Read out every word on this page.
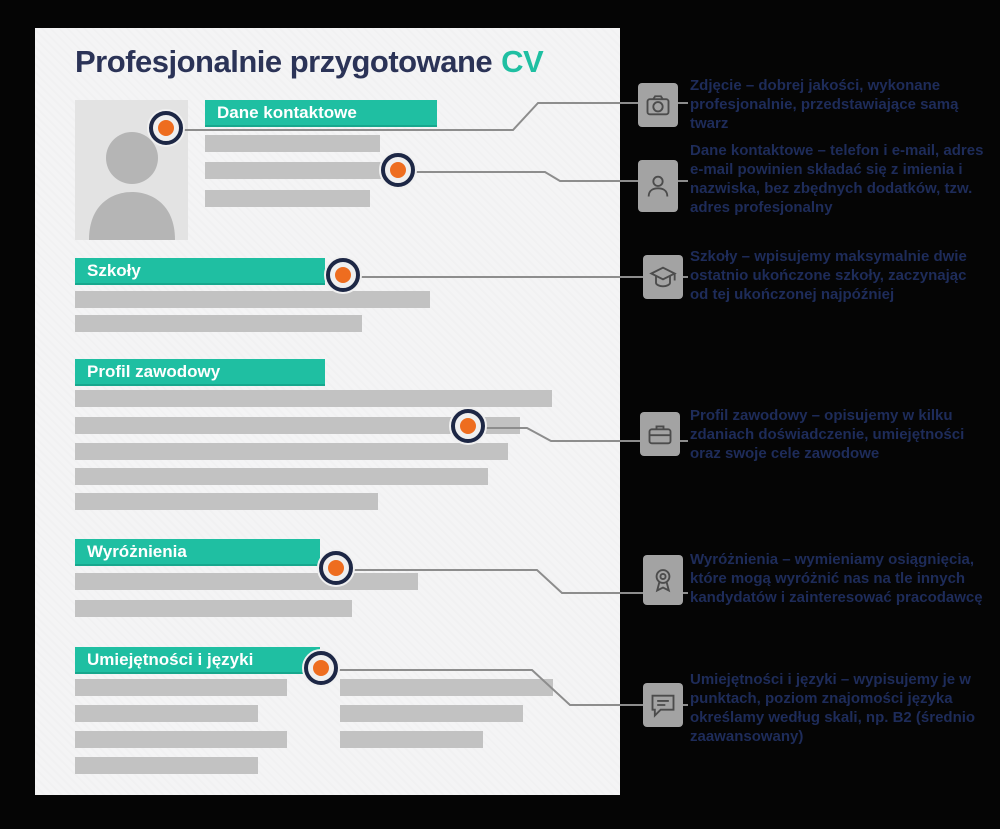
Profesjonalnie przygotowane CV
Dane kontaktowe
Szkoły
Profil zawodowy
Wyróżnienia
Umiejętności i języki
Zdjęcie – dobrej jakości, wykonane profesjonalnie, przedstawiające samą twarz
Dane kontaktowe – telefon i e-mail, adres e-mail powinien składać się z imienia i nazwiska, bez zbędnych dodatków, tzw. adres profesjonalny
Szkoły – wpisujemy maksymalnie dwie ostatnio ukończone szkoły, zaczynając od tej ukończonej najpóźniej
Profil zawodowy – opisujemy w kilku zdaniach doświadczenie, umiejętności oraz swoje cele zawodowe
Wyróżnienia – wymieniamy osiągnięcia, które mogą wyróżnić nas na tle innych kandydatów i zainteresować pracodawcę
Umiejętności i języki – wypisujemy je w punktach, poziom znajomości języka określamy według skali, np. B2 (średnio zaawansowany)
